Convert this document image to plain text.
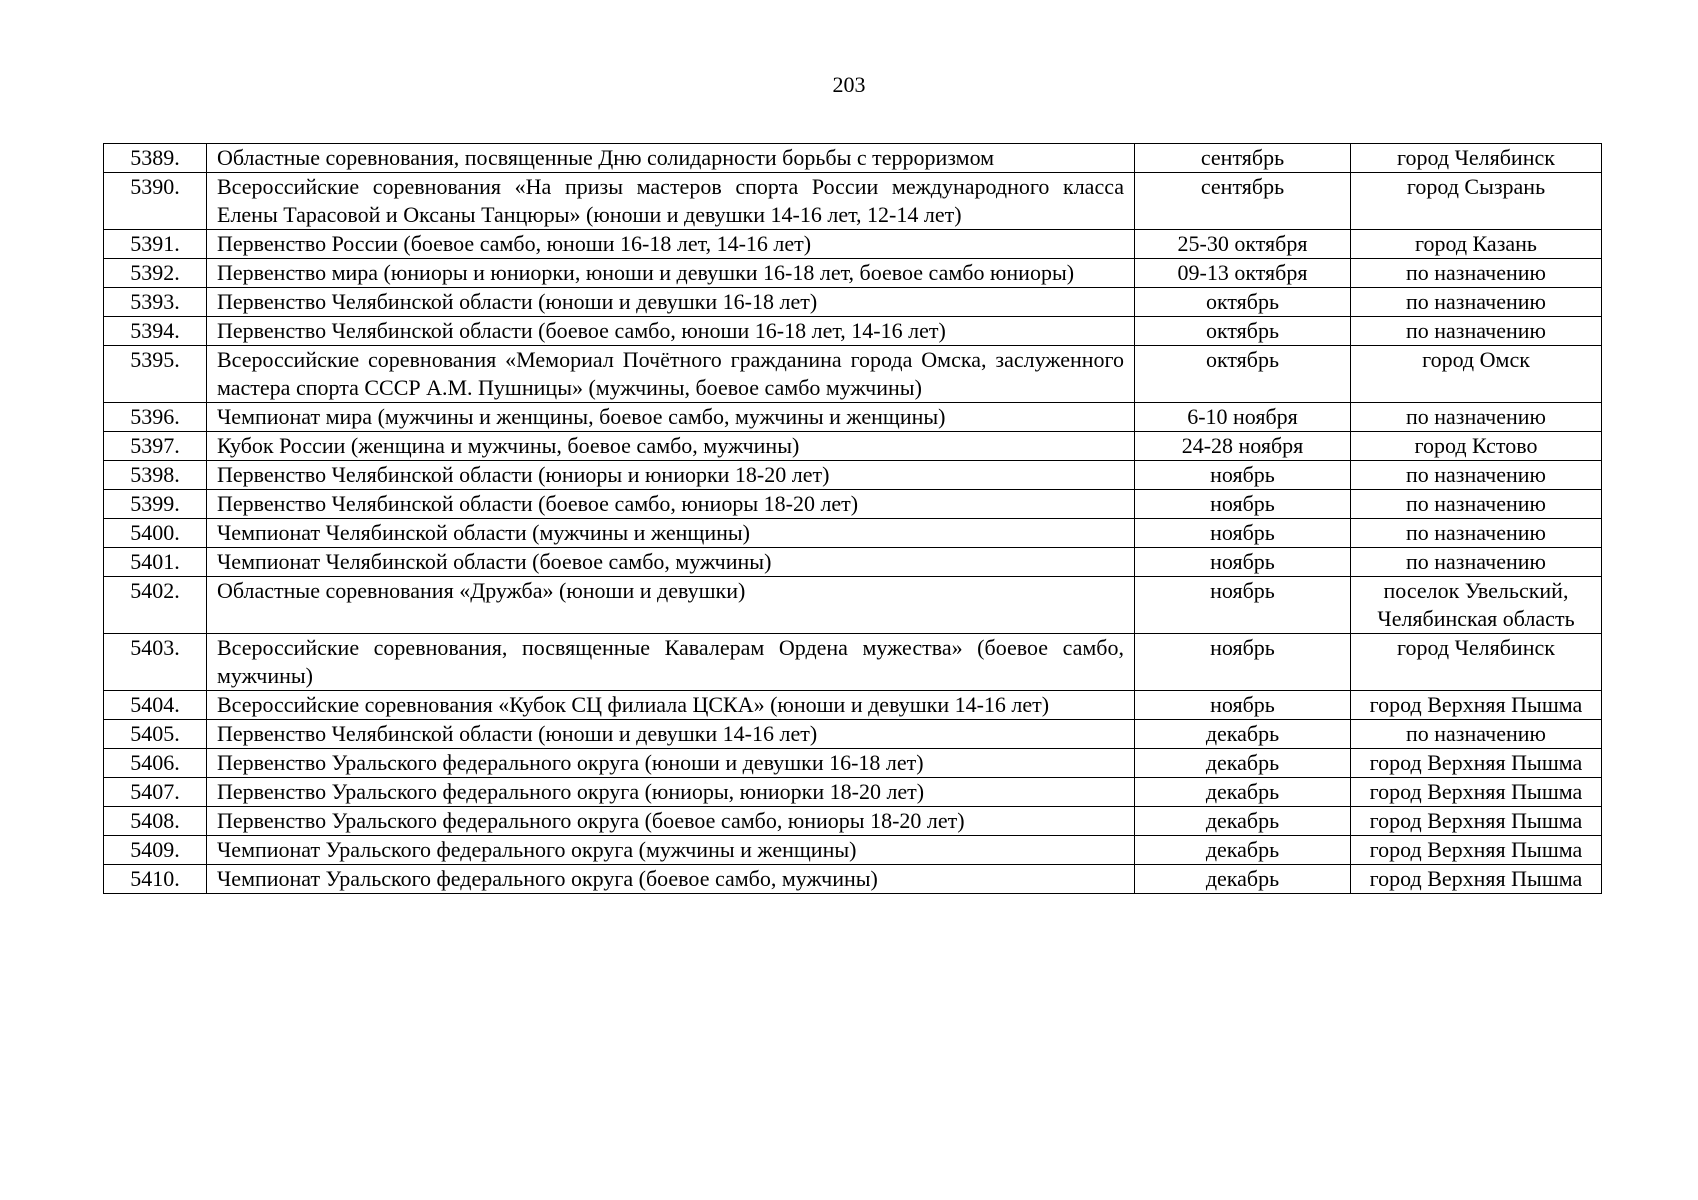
203
5389.	Областные соревнования, посвященные Дню солидарности борьбы с терроризмом	сентябрь	город Челябинск
5390.	Всероссийские соревнования «На призы мастеров спорта России международного класса Елены Тарасовой и Оксаны Танцюры» (юноши и девушки 14-16 лет, 12-14 лет)	сентябрь	город Сызрань
5391.	Первенство России (боевое самбо, юноши 16-18 лет, 14-16 лет)	25-30 октября	город Казань
5392.	Первенство мира (юниоры и юниорки, юноши и девушки 16-18 лет, боевое самбо юниоры)	09-13 октября	по назначению
5393.	Первенство Челябинской области (юноши и девушки 16-18 лет)	октябрь	по назначению
5394.	Первенство Челябинской области (боевое самбо, юноши 16-18 лет, 14-16 лет)	октябрь	по назначению
5395.	Всероссийские соревнования «Мемориал Почётного гражданина города Омска, заслуженного мастера спорта СССР А.М. Пушницы» (мужчины, боевое самбо мужчины)	октябрь	город Омск
5396.	Чемпионат мира (мужчины и женщины, боевое самбо, мужчины и женщины)	6-10 ноября	по назначению
5397.	Кубок России (женщина и мужчины, боевое самбо, мужчины)	24-28 ноября	город Кстово
5398.	Первенство Челябинской области (юниоры и юниорки 18-20 лет)	ноябрь	по назначению
5399.	Первенство Челябинской области (боевое самбо, юниоры 18-20 лет)	ноябрь	по назначению
5400.	Чемпионат Челябинской области (мужчины и женщины)	ноябрь	по назначению
5401.	Чемпионат Челябинской области (боевое самбо, мужчины)	ноябрь	по назначению
5402.	Областные соревнования «Дружба» (юноши и девушки)	ноябрь	поселок Увельский, Челябинская область
5403.	Всероссийские соревнования, посвященные Кавалерам Ордена мужества» (боевое самбо, мужчины)	ноябрь	город Челябинск
5404.	Всероссийские соревнования «Кубок СЦ филиала ЦСКА» (юноши и девушки 14-16 лет)	ноябрь	город Верхняя Пышма
5405.	Первенство Челябинской области (юноши и девушки 14-16 лет)	декабрь	по назначению
5406.	Первенство Уральского федерального округа (юноши и девушки 16-18 лет)	декабрь	город Верхняя Пышма
5407.	Первенство Уральского федерального округа (юниоры, юниорки 18-20 лет)	декабрь	город Верхняя Пышма
5408.	Первенство Уральского федерального округа (боевое самбо, юниоры 18-20 лет)	декабрь	город Верхняя Пышма
5409.	Чемпионат Уральского федерального округа (мужчины и женщины)	декабрь	город Верхняя Пышма
5410.	Чемпионат Уральского федерального округа (боевое самбо, мужчины)	декабрь	город Верхняя Пышма
